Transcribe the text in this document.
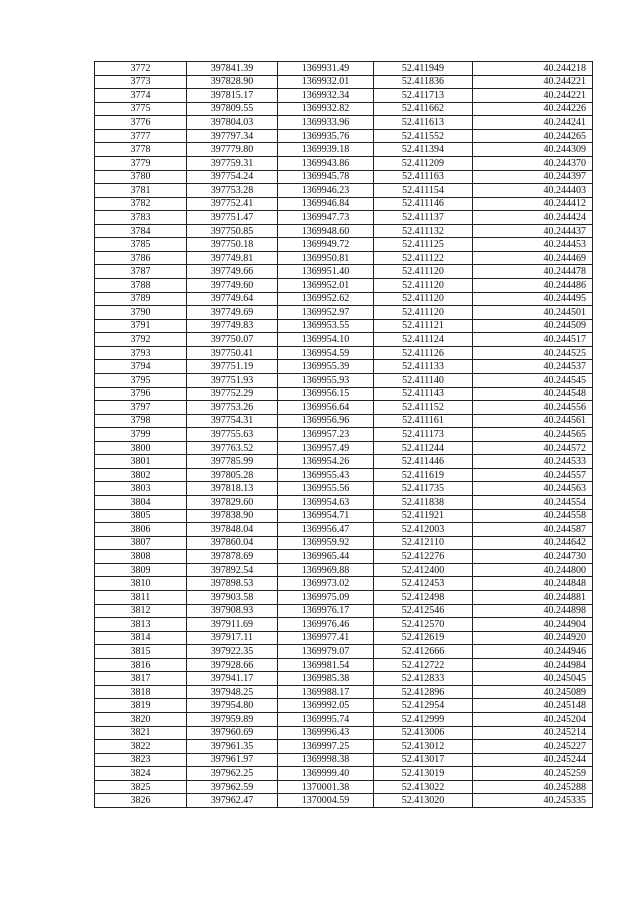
3772	397841.39	1369931.49	52.411949	40.244218
3773	397828.90	1369932.01	52.411836	40.244221
3774	397815.17	1369932.34	52.411713	40.244221
3775	397809.55	1369932.82	52.411662	40.244226
3776	397804.03	1369933.96	52.411613	40.244241
3777	397797.34	1369935.76	52.411552	40.244265
3778	397779.80	1369939.18	52.411394	40.244309
3779	397759.31	1369943.86	52.411209	40.244370
3780	397754.24	1369945.78	52.411163	40.244397
3781	397753.28	1369946.23	52.411154	40.244403
3782	397752.41	1369946.84	52.411146	40.244412
3783	397751.47	1369947.73	52.411137	40.244424
3784	397750.85	1369948.60	52.411132	40.244437
3785	397750.18	1369949.72	52.411125	40.244453
3786	397749.81	1369950.81	52.411122	40.244469
3787	397749.66	1369951.40	52.411120	40.244478
3788	397749.60	1369952.01	52.411120	40.244486
3789	397749.64	1369952.62	52.411120	40.244495
3790	397749.69	1369952.97	52.411120	40.244501
3791	397749.83	1369953.55	52.411121	40.244509
3792	397750.07	1369954.10	52.411124	40.244517
3793	397750.41	1369954.59	52.411126	40.244525
3794	397751.19	1369955.39	52.411133	40.244537
3795	397751.93	1369955.93	52.411140	40.244545
3796	397752.29	1369956.15	52.411143	40.244548
3797	397753.26	1369956.64	52.411152	40.244556
3798	397754.31	1369956.96	52.411161	40.244561
3799	397755.63	1369957.23	52.411173	40.244565
3800	397763.52	1369957.49	52.411244	40.244572
3801	397785.99	1369954.26	52.411446	40.244533
3802	397805.28	1369955.43	52.411619	40.244557
3803	397818.13	1369955.56	52.411735	40.244563
3804	397829.60	1369954.63	52.411838	40.244554
3805	397838.90	1369954.71	52.411921	40.244558
3806	397848.04	1369956.47	52.412003	40.244587
3807	397860.04	1369959.92	52.412110	40.244642
3808	397878.69	1369965.44	52.412276	40.244730
3809	397892.54	1369969.88	52.412400	40.244800
3810	397898.53	1369973.02	52.412453	40.244848
3811	397903.58	1369975.09	52.412498	40.244881
3812	397908.93	1369976.17	52.412546	40.244898
3813	397911.69	1369976.46	52.412570	40.244904
3814	397917.11	1369977.41	52.412619	40.244920
3815	397922.35	1369979.07	52.412666	40.244946
3816	397928.66	1369981.54	52.412722	40.244984
3817	397941.17	1369985.38	52.412833	40.245045
3818	397948.25	1369988.17	52.412896	40.245089
3819	397954.80	1369992.05	52.412954	40.245148
3820	397959.89	1369995.74	52.412999	40.245204
3821	397960.69	1369996.43	52.413006	40.245214
3822	397961.35	1369997.25	52.413012	40.245227
3823	397961.97	1369998.38	52.413017	40.245244
3824	397962.25	1369999.40	52.413019	40.245259
3825	397962.59	1370001.38	52.413022	40.245288
3826	397962.47	1370004.59	52.413020	40.245335
